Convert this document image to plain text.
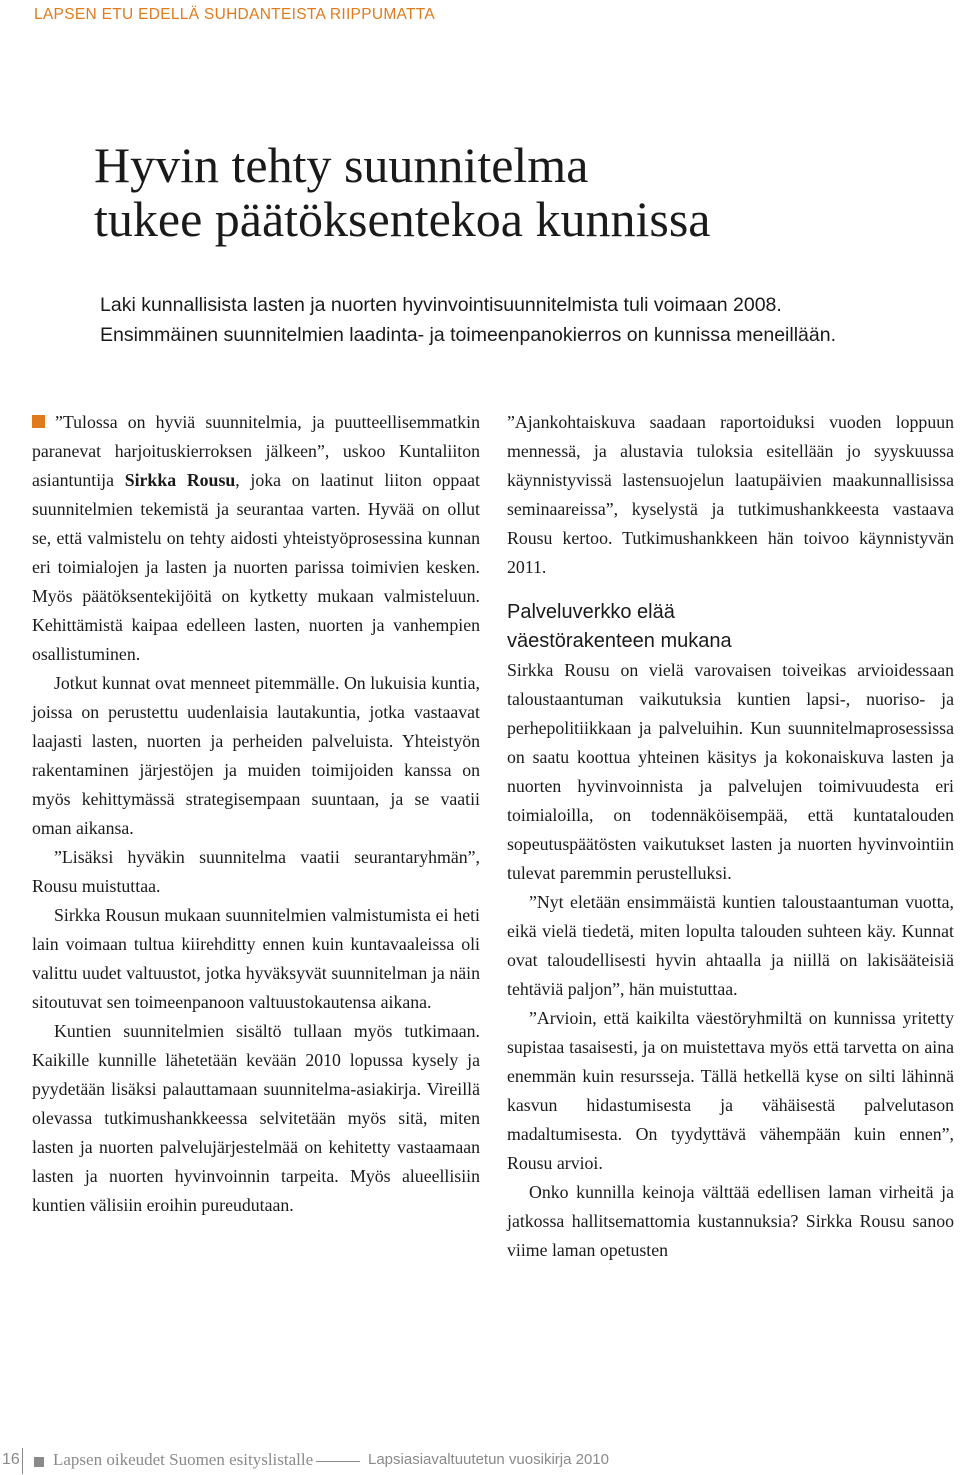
LAPSEN ETU EDELLÄ SUHDANTEISTA RIIPPUMATTA
Hyvin tehty suunnitelma
tukee päätöksentekoa kunnissa
Laki kunnallisista lasten ja nuorten hyvinvointisuunnitelmista tuli voimaan 2008.
Ensimmäinen suunnitelmien laadinta- ja toimeenpanokierros on kunnissa meneillään.

”Tulossa on hyviä suunnitelmia, ja puutteellisemmatkin paranevat harjoituskierroksen jälkeen”, uskoo Kuntaliiton asiantuntija Sirkka Rousu, joka on laatinut liiton oppaat suunnitelmien tekemistä ja seurantaa varten. Hyvää on ollut se, että valmistelu on tehty aidosti yhteistyöprosessina kunnan eri toimialojen ja lasten ja nuorten parissa toimivien kesken. Myös päätöksentekijöitä on kytketty mukaan valmisteluun. Kehittämistä kaipaa edelleen lasten, nuorten ja vanhempien osallistuminen.

Jotkut kunnat ovat menneet pitemmälle. On lukuisia kuntia, joissa on perustettu uudenlaisia lautakuntia, jotka vastaavat laajasti lasten, nuorten ja perheiden palveluista. Yhteistyön rakentaminen järjestöjen ja muiden toimijoiden kanssa on myös kehittymässä strategisempaan suuntaan, ja se vaatii oman aikansa.

”Lisäksi hyväkin suunnitelma vaatii seurantaryhmän”, Rousu muistuttaa.

Sirkka Rousun mukaan suunnitelmien valmistumista ei heti lain voimaan tultua kiirehditty ennen kuin kuntavaaleissa oli valittu uudet valtuustot, jotka hyväksyvät suunnitelman ja näin sitoutuvat sen toimeenpanoon valtuustokautensa aikana.

Kuntien suunnitelmien sisältö tullaan myös tutkimaan. Kaikille kunnille lähetetään kevään 2010 lopussa kysely ja pyydetään lisäksi palauttamaan suunnitelma-asiakirja. Vireillä olevassa tutkimushankkeessa selvitetään myös sitä, miten lasten ja nuorten palvelujärjestelmää on kehitetty vastaamaan lasten ja nuorten hyvinvoinnin tarpeita. Myös alueellisiin kuntien välisiin eroihin pureudutaan.

”Ajankohtaiskuva saadaan raportoiduksi vuoden loppuun mennessä, ja alustavia tuloksia esitellään jo syyskuussa käynnistyvissä lastensuojelun laatupäivien maakunnallisissa seminaareissa”, kyselystä ja tutkimushankkeesta vastaava Rousu kertoo. Tutkimushankkeen hän toivoo käynnistyvän 2011.

Palveluverkko elää
väestörakenteen mukana

Sirkka Rousu on vielä varovaisen toiveikas arvioidessaan taloustaantuman vaikutuksia kuntien lapsi-, nuoriso- ja perhepolitiikkaan ja palveluihin. Kun suunnitelmaprosessissa on saatu koottua yhteinen käsitys ja kokonaiskuva lasten ja nuorten hyvinvoinnista ja palvelujen toimivuudesta eri toimialoilla, on todennäköisempää, että kuntatalouden sopeutuspäätösten vaikutukset lasten ja nuorten hyvinvointiin tulevat paremmin perustelluksi.

”Nyt eletään ensimmäistä kuntien taloustaantuman vuotta, eikä vielä tiedetä, miten lopulta talouden suhteen käy. Kunnat ovat taloudellisesti hyvin ahtaalla ja niillä on lakisääteisiä tehtäviä paljon”, hän muistuttaa.

”Arvioin, että kaikilta väestöryhmiltä on kunnissa yritetty supistaa tasaisesti, ja on muistettava myös että tarvetta on aina enemmän kuin resursseja. Tällä hetkellä kyse on silti lähinnä kasvun hidastumisesta ja vähäisestä palvelutason madaltumisesta. On tyydyttävä vähempään kuin ennen”, Rousu arvioi.

Onko kunnilla keinoja välttää edellisen laman virheitä ja jatkossa hallitsemattomia kustannuksia? Sirkka Rousu sanoo viime laman opetusten

16 Lapsen oikeudet Suomen esityslistalle	Lapsiasiavaltuutetun vuosikirja 2010
